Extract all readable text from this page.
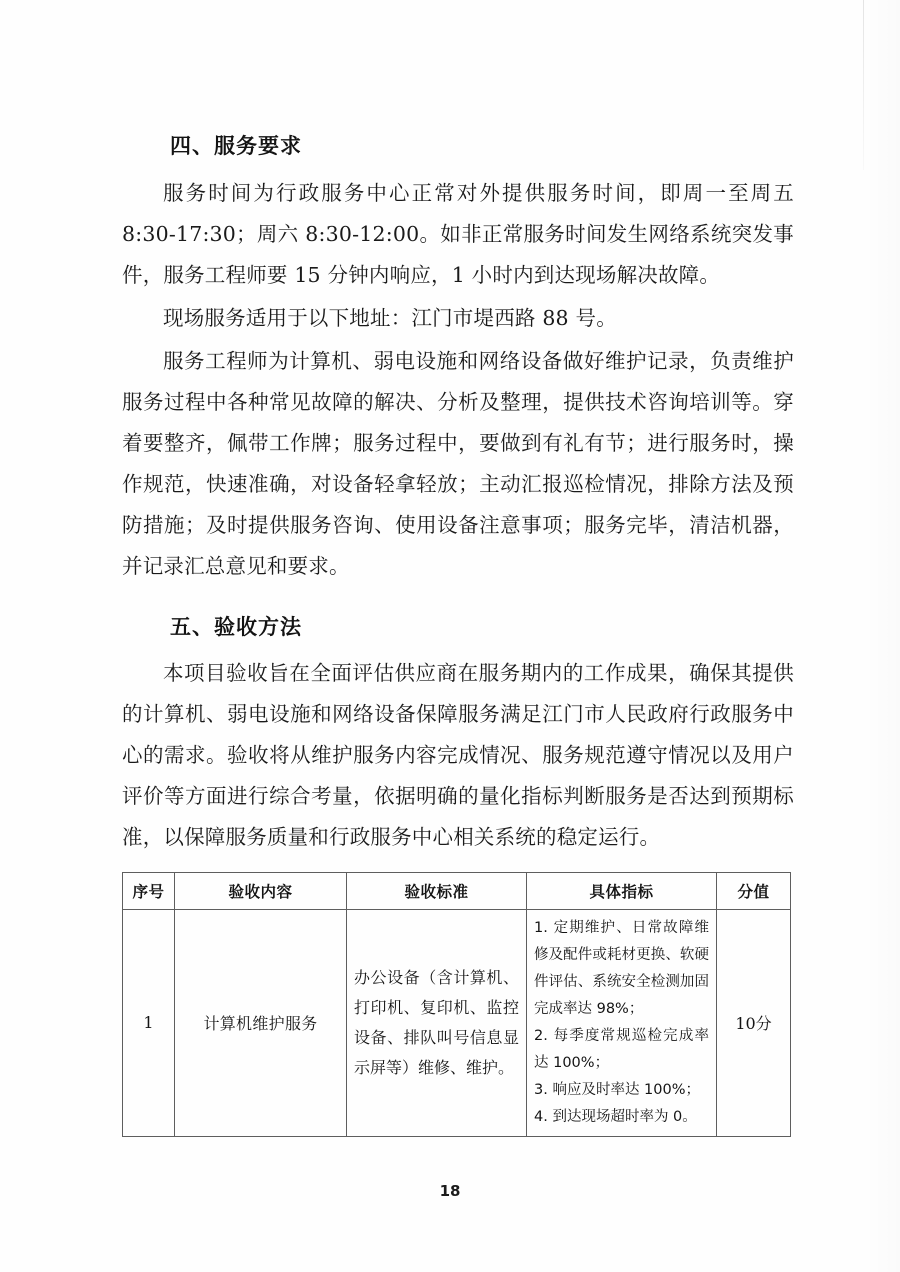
四、服务要求

服务时间为行政服务中心正常对外提供服务时间，即周一至周五 8:30-17:30；周六 8:30-12:00。如非正常服务时间发生网络系统突发事件，服务工程师要 15 分钟内响应，1 小时内到达现场解决故障。

现场服务适用于以下地址：江门市堤西路 88 号。

服务工程师为计算机、弱电设施和网络设备做好维护记录，负责维护服务过程中各种常见故障的解决、分析及整理，提供技术咨询培训等。穿着要整齐，佩带工作牌；服务过程中，要做到有礼有节；进行服务时，操作规范，快速准确，对设备轻拿轻放；主动汇报巡检情况，排除方法及预防措施；及时提供服务咨询、使用设备注意事项；服务完毕，清洁机器，并记录汇总意见和要求。

五、验收方法

本项目验收旨在全面评估供应商在服务期内的工作成果，确保其提供的计算机、弱电设施和网络设备保障服务满足江门市人民政府行政服务中心的需求。验收将从维护服务内容完成情况、服务规范遵守情况以及用户评价等方面进行综合考量，依据明确的量化指标判断服务是否达到预期标准，以保障服务质量和行政服务中心相关系统的稳定运行。

序号	验收内容	验收标准	具体指标	分值
1	计算机维护服务	办公设备（含计算机、打印机、复印机、监控设备、排队叫号信息显示屏等）维修、维护。	1. 定期维护、日常故障维修及配件或耗材更换、软硬件评估、系统安全检测加固完成率达 98%；
2. 每季度常规巡检完成率达 100%；
3. 响应及时率达 100%；
4. 到达现场超时率为 0。	10分
18
